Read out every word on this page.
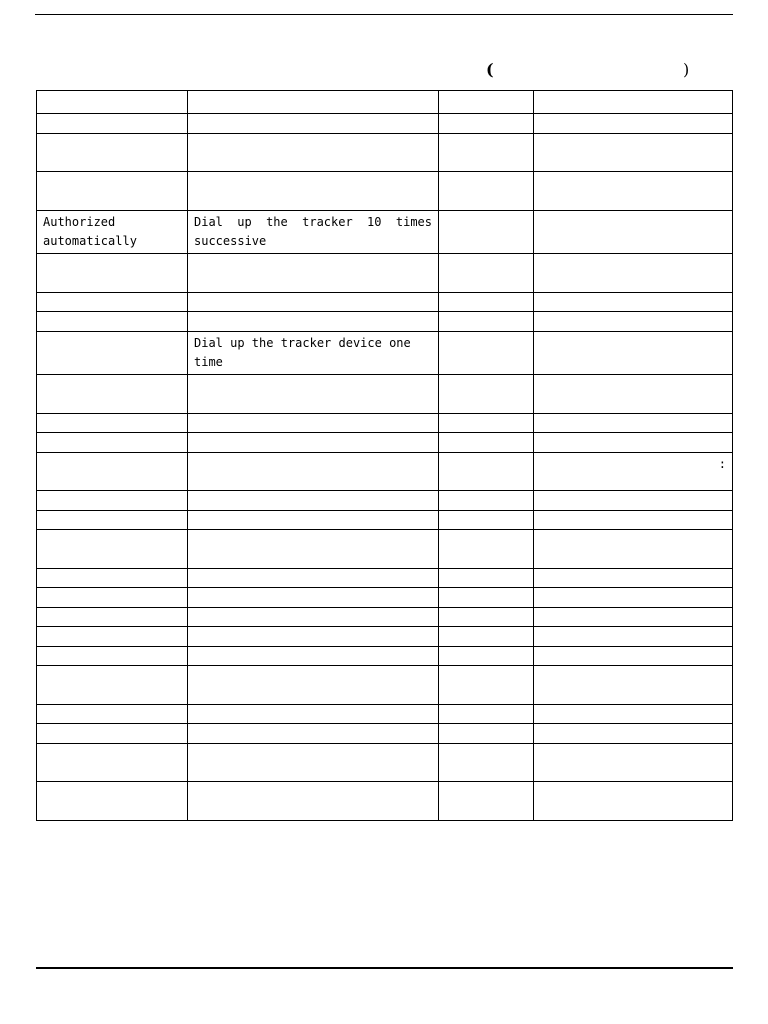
(	)

Authorized automatically	Dial up the tracker 10 times successive		

	Dial up the tracker device one time		

			:
